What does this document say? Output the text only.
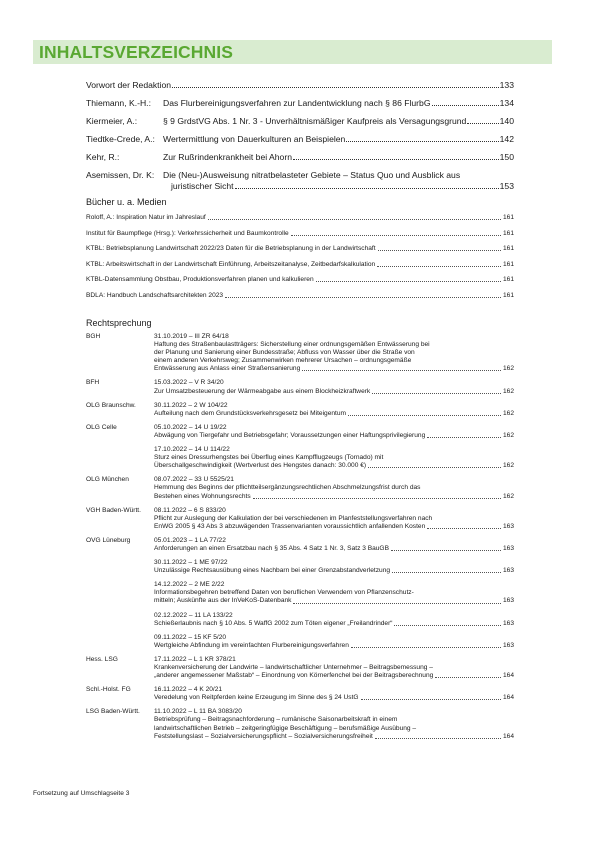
INHALTSVERZEICHNIS
Vorwort der Redaktion	133
Thiemann, K.-H.:	Das Flurbereinigungsverfahren zur Landentwicklung nach § 86 FlurbG	134
Kiermeier, A.:	§ 9 GrdstVG Abs. 1 Nr. 3 - Unverhältnismäßiger Kaufpreis als Versagungsgrund	140
Tiedtke-Crede, A.: Wertermittlung von Dauerkulturen an Beispielen	142
Kehr, R.:	Zur Rußrindenkrankheit bei Ahorn	150
Asemissen, Dr. K:	Die (Neu-)Ausweisung nitratbelasteter Gebiete – Status Quo und Ausblick aus
juristischer Sicht	153
Bücher u. a. Medien
Roloff, A.: Inspiration Natur im Jahreslauf	161
Institut für Baumpflege (Hrsg.): Verkehrssicherheit und Baumkontrolle	161
KTBL: Betriebsplanung Landwirtschaft 2022/23 Daten für die Betriebsplanung in der Landwirtschaft	161
KTBL: Arbeitswirtschaft in der Landwirtschaft Einführung, Arbeitszeitanalyse, Zeitbedarfskalkulation	161
KTBL-Datensammlung Obstbau, Produktionsverfahren planen und kalkulieren	161
BDLA: Handbuch Landschaftsarchitekten 2023	161
Rechtsprechung
BGH	31.10.2019 – III ZR 64/18
Haftung des Straßenbaulastträgers: Sicherstellung einer ordnungsgemäßen Entwässerung bei
der Planung und Sanierung einer Bundesstraße; Abfluss von Wasser über die Straße von
einem anderen Verkehrsweg; Zusammenwirken mehrerer Ursachen – ordnungsgemäße
Entwässerung aus Anlass einer Straßensanierung	162
BFH	15.03.2022 – V R 34/20
Zur Umsatzbesteuerung der Wärmeabgabe aus einem Blockheizkraftwerk	162
OLG Braunschw.	30.11.2022 – 2 W 104/22
Aufteilung nach dem Grundstücksverkehrsgesetz bei Miteigentum	162
OLG Celle	05.10.2022 – 14 U 19/22
Abwägung von Tiergefahr und Betriebsgefahr; Voraussetzungen einer Haftungsprivilegierung	162
17.10.2022 – 14 U 114/22
Sturz eines Dressurhengstes bei Überflug eines Kampfflugzeugs (Tornado) mit
Überschallgeschwindigkeit (Wertverlust des Hengstes danach: 30.000 €)	162
OLG München	08.07.2022 – 33 U 5525/21
Hemmung des Beginns der pflichtteilsergänzungsrechtlichen Abschmelzungsfrist durch das
Bestehen eines Wohnungsrechts	162
VGH Baden-Württ.	08.11.2022 – 6 S 833/20
Pflicht zur Auslegung der Kalkulation der bei verschiedenen im Planfeststellungsverfahren nach
EnWG 2005 § 43 Abs 3 abzuwägenden Trassenvarianten voraussichtlich anfallenden Kosten	163
OVG Lüneburg	05.01.2023 – 1 LA 77/22
Anforderungen an einen Ersatzbau nach § 35 Abs. 4 Satz 1 Nr. 3, Satz 3 BauGB	163
30.11.2022 – 1 ME 97/22
Unzulässige Rechtsausübung eines Nachbarn bei einer Grenzabstandverletzung	163
14.12.2022 – 2 ME 2/22
Informationsbegehren betreffend Daten von beruflichen Verwendern von Pflanzenschutz-
mitteln; Auskünfte aus der InVeKoS-Datenbank	163
02.12.2022 – 11 LA 133/22
Schießerlaubnis nach § 10 Abs. 5 WaffG 2002 zum Töten eigener „Freilandrinder“	163
09.11.2022 – 15 KF 5/20
Wertgleiche Abfindung im vereinfachten Flurbereinigungsverfahren	163
Hess. LSG	17.11.2022 – L 1 KR 378/21
Krankenversicherung der Landwirte – landwirtschaftlicher Unternehmer – Beitragsbemessung –
„anderer angemessener Maßstab“ – Einordnung von Körnerfenchel bei der Beitragsberechnung	164
Schl.-Holst. FG	16.11.2022 – 4 K 20/21
Veredelung von Reitpferden keine Erzeugung im Sinne des § 24 UstG	164
LSG Baden-Württ.	11.10.2022 – L 11 BA 3083/20
Betriebsprüfung – Beitragsnachforderung – rumänische Saisonarbeitskraft in einem
landwirtschaftlichen Betrieb – zeitgeringfügige Beschäftigung – berufsmäßige Ausübung –
Feststellungslast – Sozialversicherungspflicht – Sozialversicherungsfreiheit	164
Fortsetzung auf Umschlagseite 3
